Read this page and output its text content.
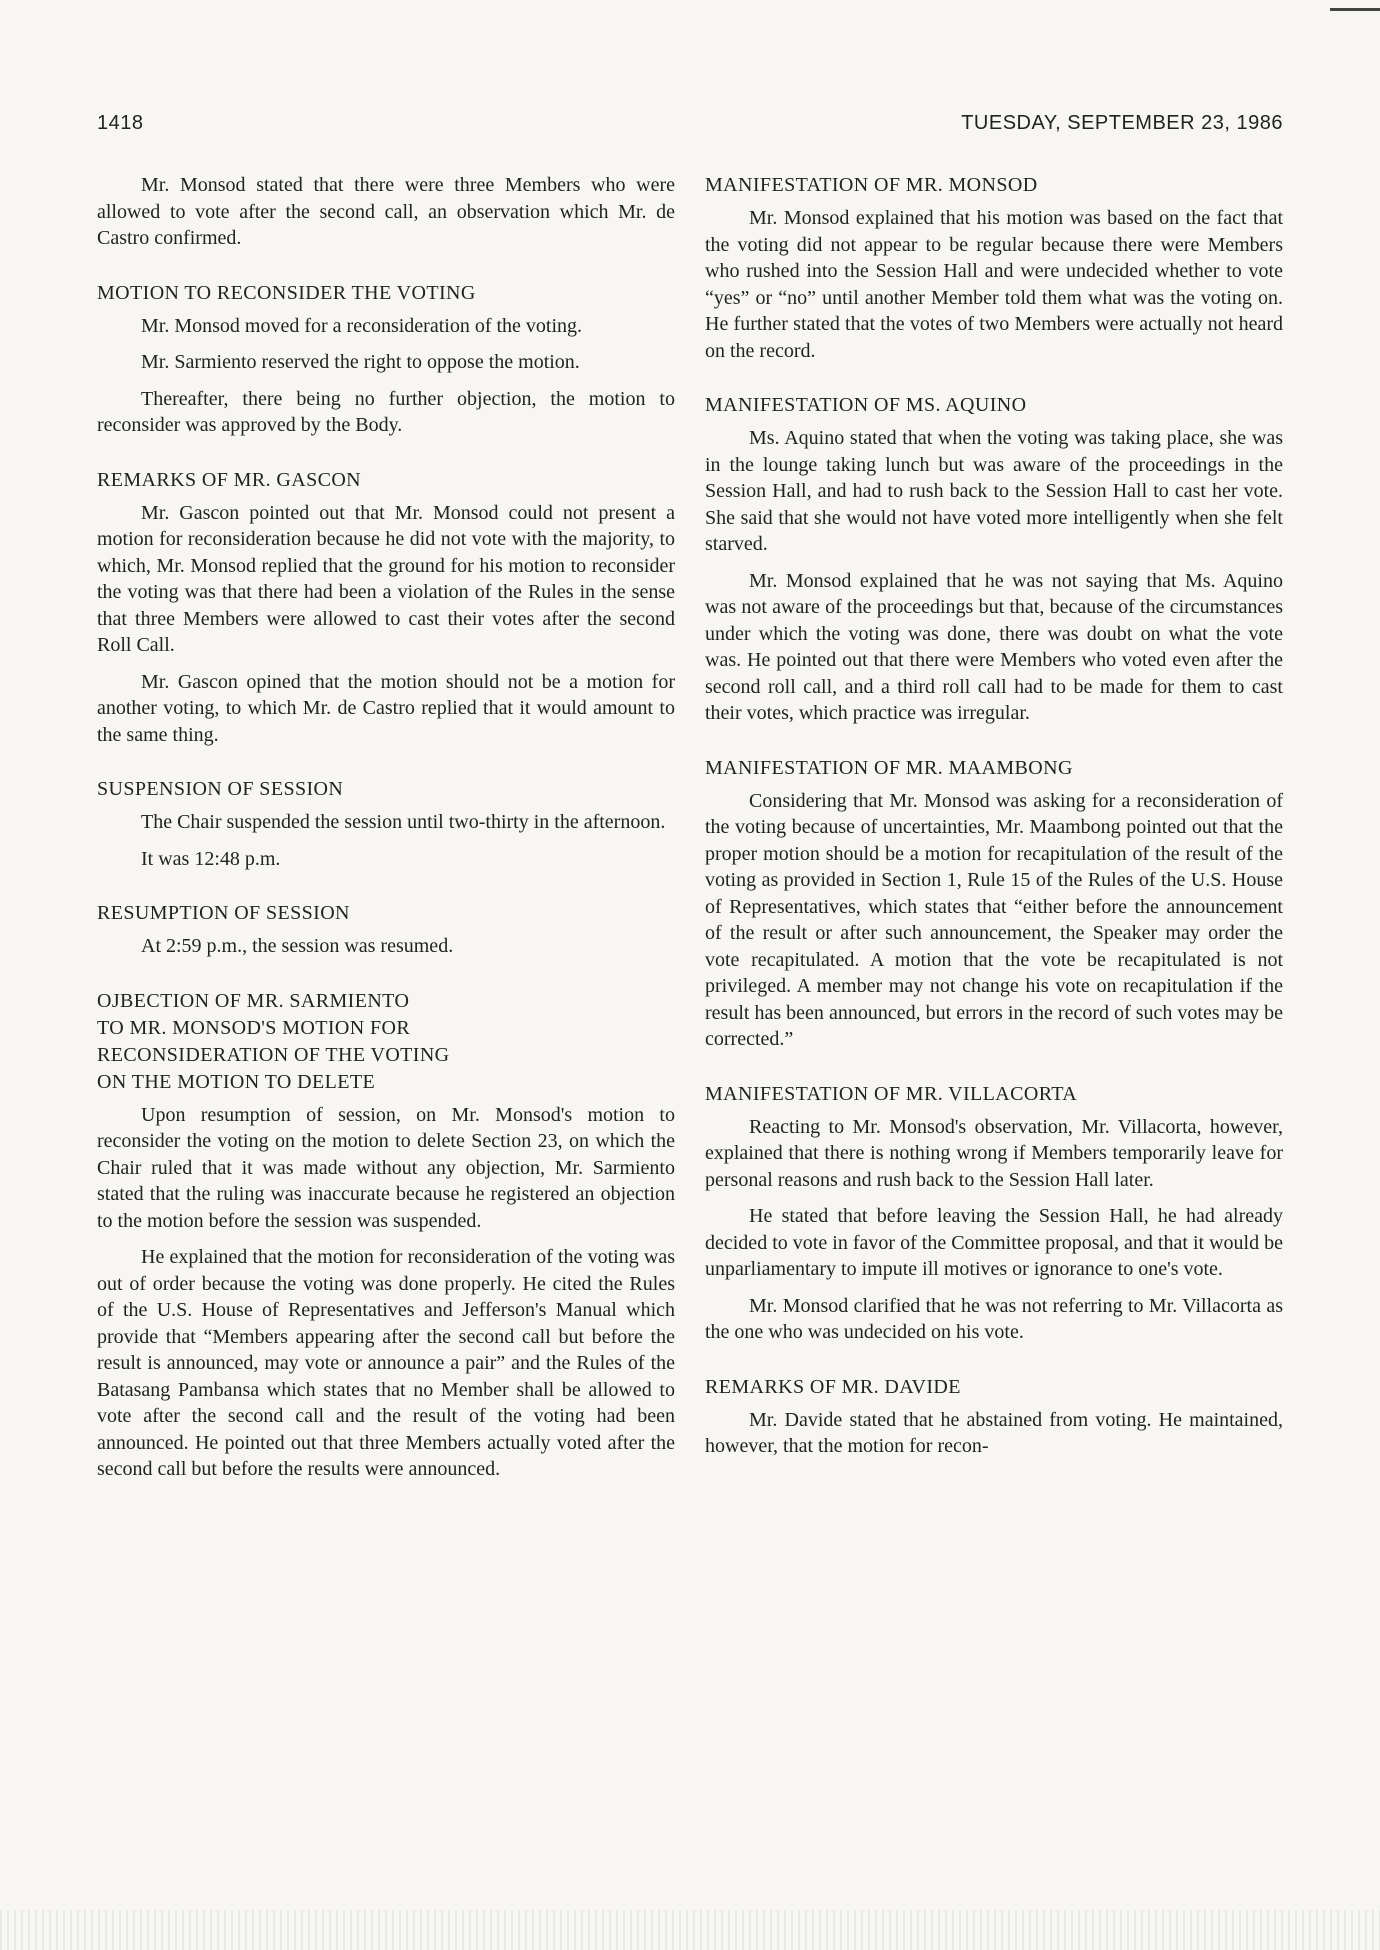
1418	TUESDAY, SEPTEMBER 23, 1986

Mr. Monsod stated that there were three Members who were allowed to vote after the second call, an observation which Mr. de Castro confirmed.

MOTION TO RECONSIDER THE VOTING

Mr. Monsod moved for a reconsideration of the voting.

Mr. Sarmiento reserved the right to oppose the motion.

Thereafter, there being no further objection, the motion to reconsider was approved by the Body.

REMARKS OF MR. GASCON

Mr. Gascon pointed out that Mr. Monsod could not present a motion for reconsideration because he did not vote with the majority, to which, Mr. Monsod replied that the ground for his motion to reconsider the voting was that there had been a violation of the Rules in the sense that three Members were allowed to cast their votes after the second Roll Call.

Mr. Gascon opined that the motion should not be a motion for another voting, to which Mr. de Castro replied that it would amount to the same thing.

SUSPENSION OF SESSION

The Chair suspended the session until two-thirty in the afternoon.

It was 12:48 p.m.

RESUMPTION OF SESSION

At 2:59 p.m., the session was resumed.

OJBECTION OF MR. SARMIENTO
TO MR. MONSOD'S MOTION FOR
RECONSIDERATION OF THE VOTING
ON THE MOTION TO DELETE

Upon resumption of session, on Mr. Monsod's motion to reconsider the voting on the motion to delete Section 23, on which the Chair ruled that it was made without any objection, Mr. Sarmiento stated that the ruling was inaccurate because he registered an objection to the motion before the session was suspended.

He explained that the motion for reconsideration of the voting was out of order because the voting was done properly. He cited the Rules of the U.S. House of Representatives and Jefferson's Manual which provide that “Members appearing after the second call but before the result is announced, may vote or announce a pair” and the Rules of the Batasang Pambansa which states that no Member shall be allowed to vote after the second call and the result of the voting had been announced. He pointed out that three Members actually voted after the second call but before the results were announced.

MANIFESTATION OF MR. MONSOD

Mr. Monsod explained that his motion was based on the fact that the voting did not appear to be regular because there were Members who rushed into the Session Hall and were undecided whether to vote “yes” or “no” until another Member told them what was the voting on. He further stated that the votes of two Members were actually not heard on the record.

MANIFESTATION OF MS. AQUINO

Ms. Aquino stated that when the voting was taking place, she was in the lounge taking lunch but was aware of the proceedings in the Session Hall, and had to rush back to the Session Hall to cast her vote. She said that she would not have voted more intelligently when she felt starved.

Mr. Monsod explained that he was not saying that Ms. Aquino was not aware of the proceedings but that, because of the circumstances under which the voting was done, there was doubt on what the vote was. He pointed out that there were Members who voted even after the second roll call, and a third roll call had to be made for them to cast their votes, which practice was irregular.

MANIFESTATION OF MR. MAAMBONG

Considering that Mr. Monsod was asking for a reconsideration of the voting because of uncertainties, Mr. Maambong pointed out that the proper motion should be a motion for recapitulation of the result of the voting as provided in Section 1, Rule 15 of the Rules of the U.S. House of Representatives, which states that “either before the announcement of the result or after such announcement, the Speaker may order the vote recapitulated. A motion that the vote be recapitulated is not privileged. A member may not change his vote on recapitulation if the result has been announced, but errors in the record of such votes may be corrected.”

MANIFESTATION OF MR. VILLACORTA

Reacting to Mr. Monsod's observation, Mr. Villacorta, however, explained that there is nothing wrong if Members temporarily leave for personal reasons and rush back to the Session Hall later.

He stated that before leaving the Session Hall, he had already decided to vote in favor of the Committee proposal, and that it would be unparliamentary to impute ill motives or ignorance to one's vote.

Mr. Monsod clarified that he was not referring to Mr. Villacorta as the one who was undecided on his vote.

REMARKS OF MR. DAVIDE

Mr. Davide stated that he abstained from voting. He maintained, however, that the motion for recon-
